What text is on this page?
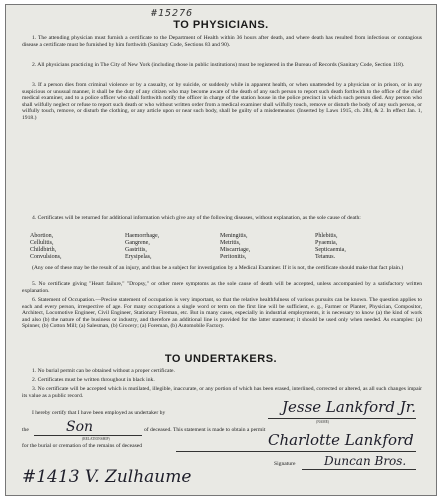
#15276
TO PHYSICIANS.
1. The attending physician must furnish a certificate to the Department of Health within 36 hours after death, and where death has resulted from infectious or contagious disease a certificate must be furnished by him forthwith (Sanitary Code, Sections 83 and 90).
2. All physicians practicing in The City of New York (including those in public institutions) must be registered in the Bureau of Records (Sanitary Code, Section 118).
3. If a person dies from criminal violence or by a casualty, or by suicide, or suddenly while in apparent health, or when unattended by a physician or in prison, or in any suspicious or unusual manner, it shall be the duty of any citizen who may become aware of the death of any such person to report such death forthwith to the office of the chief medical examiner, and to a police officer who shall forthwith notify the officer in charge of the station house in the police precinct in which such person died. Any person who shall wilfully neglect or refuse to report such death or who without written order from a medical examiner shall wilfully touch, remove or disturb the body of any such person, or wilfully touch, remove, or disturb the clothing, or any article upon or near such body, shall be guilty of a misdemeanor. (Inserted by Laws 1915, ch. 284, & 2. In effect Jan. 1, 1918.)
4. Certificates will be returned for additional information which give any of the following diseases, without explanation, as the sole cause of death:
Abortion,	Haemorrhage,	Meningitis,	Phlebitis,
Cellulitis,	Gangrene,	Metritis,	Pyaemia,
Childbirth,	Gastritis,	Miscarriage,	Septicaemia,
Convulsions,	Erysipelas,	Peritonitis,	Tetanus.
(Any one of these may be the result of an injury, and thus be a subject for investigation by a Medical Examiner. If it is not, the certificate should make that fact plain.)
5. No certificate giving "Heart failure," "Dropsy," or other mere symptoms as the sole cause of death will be accepted, unless accompanied by a satisfactory written explanation.
6. Statement of Occupation.—Precise statement of occupation is very important, so that the relative healthfulness of various pursuits can be known. The question applies to each and every person, irrespective of age. For many occupations a single word or term on the first line will be sufficient, e. g., Farmer or Planter, Physician, Compositor, Architect, Locomotive Engineer, Civil Engineer, Stationary Fireman, etc. But in many cases, especially in industrial employments, it is necessary to know (a) the kind of work and also (b) the nature of the business or industry, and therefore an additional line is provided for the latter statement; it should be used only when needed. As examples: (a) Spinner, (b) Cotton Mill; (a) Salesman, (b) Grocery; (a) Foreman, (b) Automobile Factory.
TO UNDERTAKERS.
1. No burial permit can be obtained without a proper certificate.
2. Certificates must be written throughout in black ink.
3. No certificate will be accepted which is mutilated, illegible, inaccurate, or any portion of which has been erased, interlined, corrected or altered, as all such changes impair its value as a public record.
I hereby certify that I have been employed as undertaker by
(NAME)
Jesse Lankford Jr.
the
(RELATIONSHIP)
Son	of deceased. This statement is made to obtain a permit
for the burial or cremation of the remains of deceased	Charlotte Lankford
Signature Duncan Bros.
#1413 V. Zulhaume
